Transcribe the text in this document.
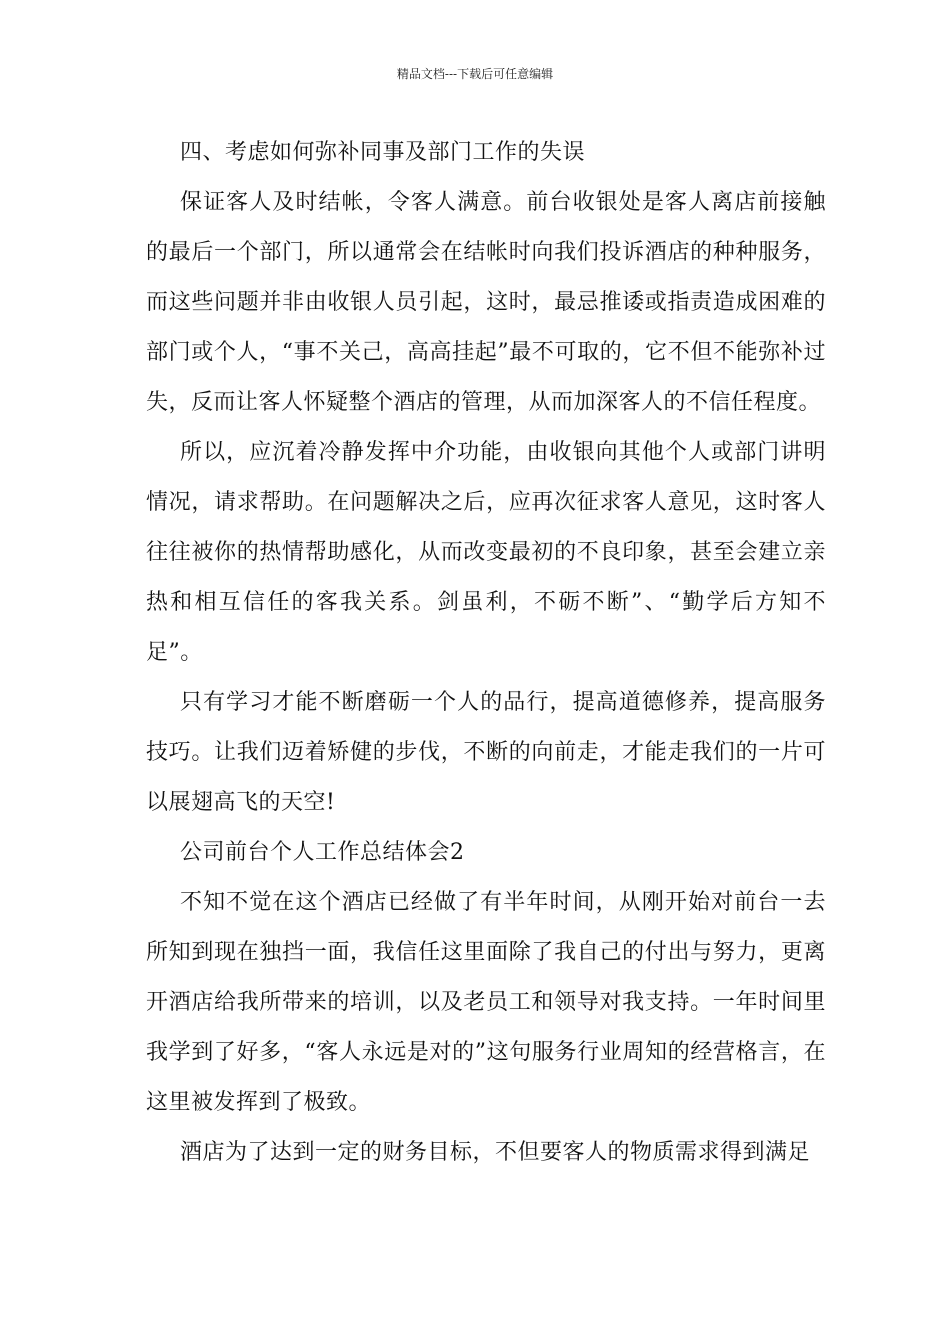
精品文档---下载后可任意编辑

四、考虑如何弥补同事及部门工作的失误

保证客人及时结帐，令客人满意。前台收银处是客人离店前接触的最后一个部门，所以通常会在结帐时向我们投诉酒店的种种服务，而这些问题并非由收银人员引起，这时，最忌推诿或指责造成困难的部门或个人，“事不关己，高高挂起”最不可取的，它不但不能弥补过失，反而让客人怀疑整个酒店的管理，从而加深客人的不信任程度。

所以，应沉着冷静发挥中介功能，由收银向其他个人或部门讲明情况，请求帮助。在问题解决之后，应再次征求客人意见，这时客人往往被你的热情帮助感化，从而改变最初的不良印象，甚至会建立亲热和相互信任的客我关系。剑虽利，不砺不断”、“勤学后方知不足”。

只有学习才能不断磨砺一个人的品行，提高道德修养，提高服务技巧。让我们迈着矫健的步伐，不断的向前走，才能走我们的一片可以展翅高飞的天空!

公司前台个人工作总结体会2

不知不觉在这个酒店已经做了有半年时间，从刚开始对前台一去所知到现在独挡一面，我信任这里面除了我自己的付出与努力，更离开酒店给我所带来的培训，以及老员工和领导对我支持。一年时间里我学到了好多，“客人永远是对的”这句服务行业周知的经营格言，在这里被发挥到了极致。

酒店为了达到一定的财务目标，不但要客人的物质需求得到满足
